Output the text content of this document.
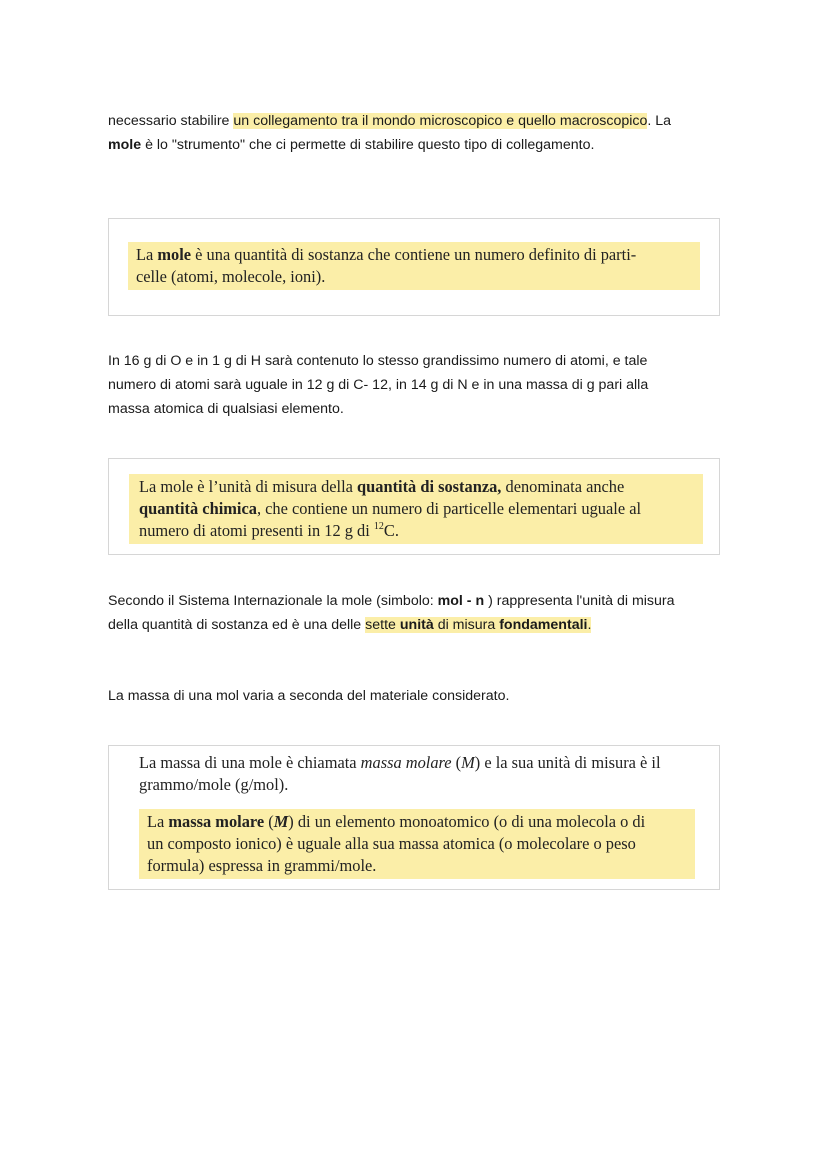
necessario stabilire un collegamento tra il mondo microscopico e quello macroscopico. La
mole è lo "strumento" che ci permette di stabilire questo tipo di collegamento.
La mole è una quantità di sostanza che contiene un numero definito di parti-
celle (atomi, molecole, ioni).
In 16 g di O e in 1 g di H sarà contenuto lo stesso grandissimo numero di atomi, e tale
numero di atomi sarà uguale in 12 g di C- 12, in 14 g di N e in una massa di g pari alla
massa atomica di qualsiasi elemento.
La mole è l’unità di misura della quantità di sostanza, denominata anche
quantità chimica, che contiene un numero di particelle elementari uguale al
numero di atomi presenti in 12 g di $^{12}$C.
Secondo il Sistema Internazionale la mole (simbolo: mol - n ) rappresenta l'unità di misura
della quantità di sostanza ed è una delle sette unità di misura fondamentali.
La massa di una mol varia a seconda del materiale considerato.
La massa di una mole è chiamata massa molare (M) e la sua unità di misura è il
grammo/mole (g/mol).
La massa molare (M) di un elemento monoatomico (o di una molecola o di
un composto ionico) è uguale alla sua massa atomica (o molecolare o peso
formula) espressa in grammi/mole.
